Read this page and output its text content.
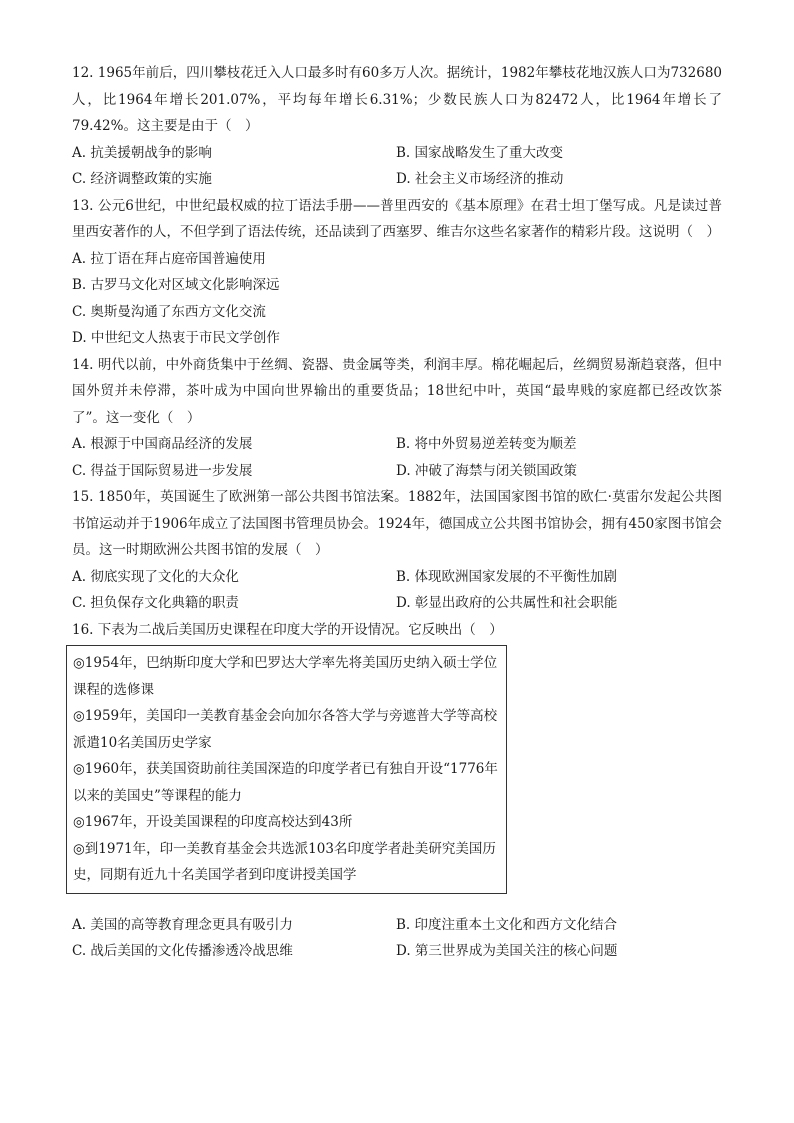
12. 1965年前后，四川攀枝花迁入人口最多时有60多万人次。据统计，1982年攀枝花地汉族人口为732680人，比1964年增长201.07%，平均每年增长6.31%；少数民族人口为82472人，比1964年增长了79.42%。这主要是由于（　）

A. 抗美援朝战争的影响	B. 国家战略发生了重大改变
C. 经济调整政策的实施	D. 社会主义市场经济的推动

13. 公元6世纪，中世纪最权威的拉丁语法手册——普里西安的《基本原理》在君士坦丁堡写成。凡是读过普里西安著作的人，不但学到了语法传统，还品读到了西塞罗、维吉尔这些名家著作的精彩片段。这说明（　）

A. 拉丁语在拜占庭帝国普遍使用
B. 古罗马文化对区域文化影响深远
C. 奥斯曼沟通了东西方文化交流
D. 中世纪文人热衷于市民文学创作

14. 明代以前，中外商货集中于丝绸、瓷器、贵金属等类，利润丰厚。棉花崛起后，丝绸贸易渐趋衰落，但中国外贸并未停滞，茶叶成为中国向世界输出的重要货品；18世纪中叶，英国“最卑贱的家庭都已经改饮茶了”。这一变化（　）

A. 根源于中国商品经济的发展	B. 将中外贸易逆差转变为顺差
C. 得益于国际贸易进一步发展	D. 冲破了海禁与闭关锁国政策

15. 1850年，英国诞生了欧洲第一部公共图书馆法案。1882年，法国国家图书馆的欧仁·莫雷尔发起公共图书馆运动并于1906年成立了法国图书管理员协会。1924年，德国成立公共图书馆协会，拥有450家图书馆会员。这一时期欧洲公共图书馆的发展（　）

A. 彻底实现了文化的大众化	B. 体现欧洲国家发展的不平衡性加剧
C. 担负保存文化典籍的职责	D. 彰显出政府的公共属性和社会职能

16. 下表为二战后美国历史课程在印度大学的开设情况。它反映出（　）

◎1954年，巴纳斯印度大学和巴罗达大学率先将美国历史纳入硕士学位课程的选修课

◎1959年，美国印一美教育基金会向加尔各答大学与旁遮普大学等高校派遣10名美国历史学家

◎1960年，获美国资助前往美国深造的印度学者已有独自开设“1776年以来的美国史”等课程的能力

◎1967年，开设美国课程的印度高校达到43所

◎到1971年，印一美教育基金会共选派103名印度学者赴美研究美国历史，同期有近九十名美国学者到印度讲授美国学

A. 美国的高等教育理念更具有吸引力	B. 印度注重本土文化和西方文化结合
C. 战后美国的文化传播渗透冷战思维	D. 第三世界成为美国关注的核心问题
